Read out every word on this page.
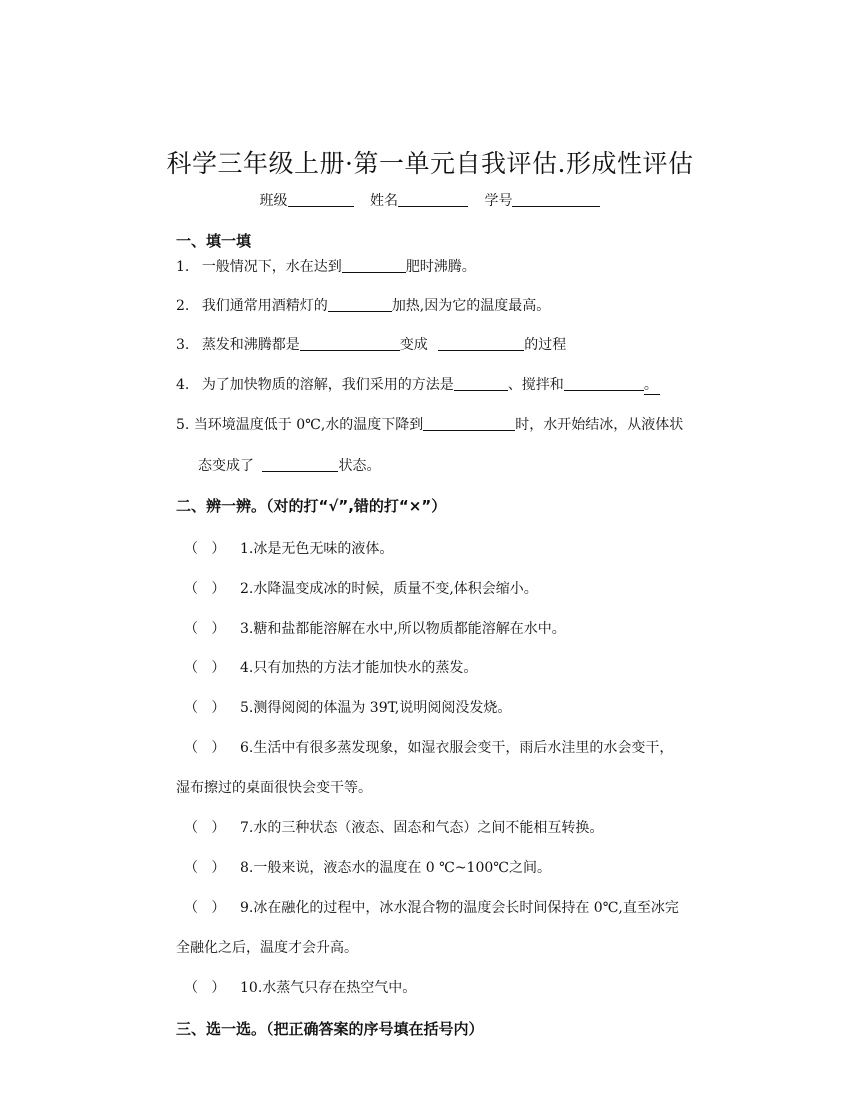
科学三年级上册·第一单元自我评估.形成性评估
班级	姓名	学号
一、填一填
1. 一般情况下，水在达到	肥时沸腾。
2. 我们通常用酒精灯的	加热,因为它的温度最高。
3. 蒸发和沸腾都是	变成	的过程
4. 为了加快物质的溶解，我们采用的方法是	、搅拌和	。
5. 当环境温度低于 0℃,水的温度下降到	时，水开始结冰，从液体状
态变成了	状态。
二、辨一辨。（对的打“√”,错的打“×”）
（ ） 1.冰是无色无味的液体。
（ ） 2.水降温变成冰的时候，质量不变,体积会缩小。
（ ） 3.糖和盐都能溶解在水中,所以物质都能溶解在水中。
（ ） 4.只有加热的方法才能加快水的蒸发。
（ ） 5.测得阅阅的体温为 39T,说明阅阅没发烧。
（ ） 6.生活中有很多蒸发现象，如湿衣服会变干，雨后水洼里的水会变干，
湿布擦过的桌面很快会变干等。
（ ） 7.水的三种状态（液态、固态和气态）之间不能相互转换。
（ ） 8.一般来说，液态水的温度在 0 ℃~100℃之间。
（ ） 9.冰在融化的过程中，冰水混合物的温度会长时间保持在 0℃,直至冰完
全融化之后，温度才会升高。
（ ） 10.水蒸气只存在热空气中。
三、选一选。（把正确答案的序号填在括号内）
